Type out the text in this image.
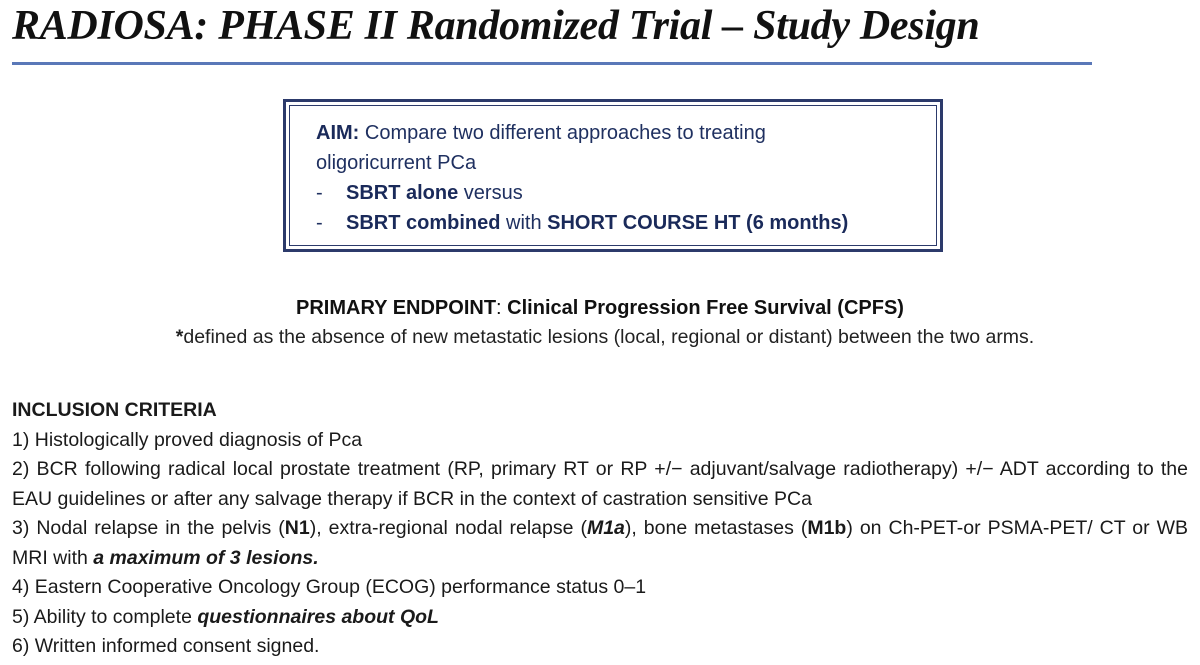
RADIOSA: PHASE II Randomized Trial – Study Design
AIM: Compare two different approaches to treating
oligoricurrent PCa
- SBRT alone versus
- SBRT combined with SHORT COURSE HT (6 months)
PRIMARY ENDPOINT: Clinical Progression Free Survival (CPFS)
*defined as the absence of new metastatic lesions (local, regional or distant) between the two arms.
INCLUSION CRITERIA

1) Histologically proved diagnosis of Pca

2) BCR following radical local prostate treatment (RP, primary RT or RP +/− adjuvant/salvage radiotherapy) +/− ADT according to the EAU guidelines or after any salvage therapy if BCR in the context of castration sensitive PCa

3) Nodal relapse in the pelvis (N1), extra-regional nodal relapse (M1a), bone metastases (M1b) on Ch-PET-or PSMA-PET/ CT or WB MRI with a maximum of 3 lesions.

4) Eastern Cooperative Oncology Group (ECOG) performance status 0–1

5) Ability to complete questionnaires about QoL

6) Written informed consent signed.
